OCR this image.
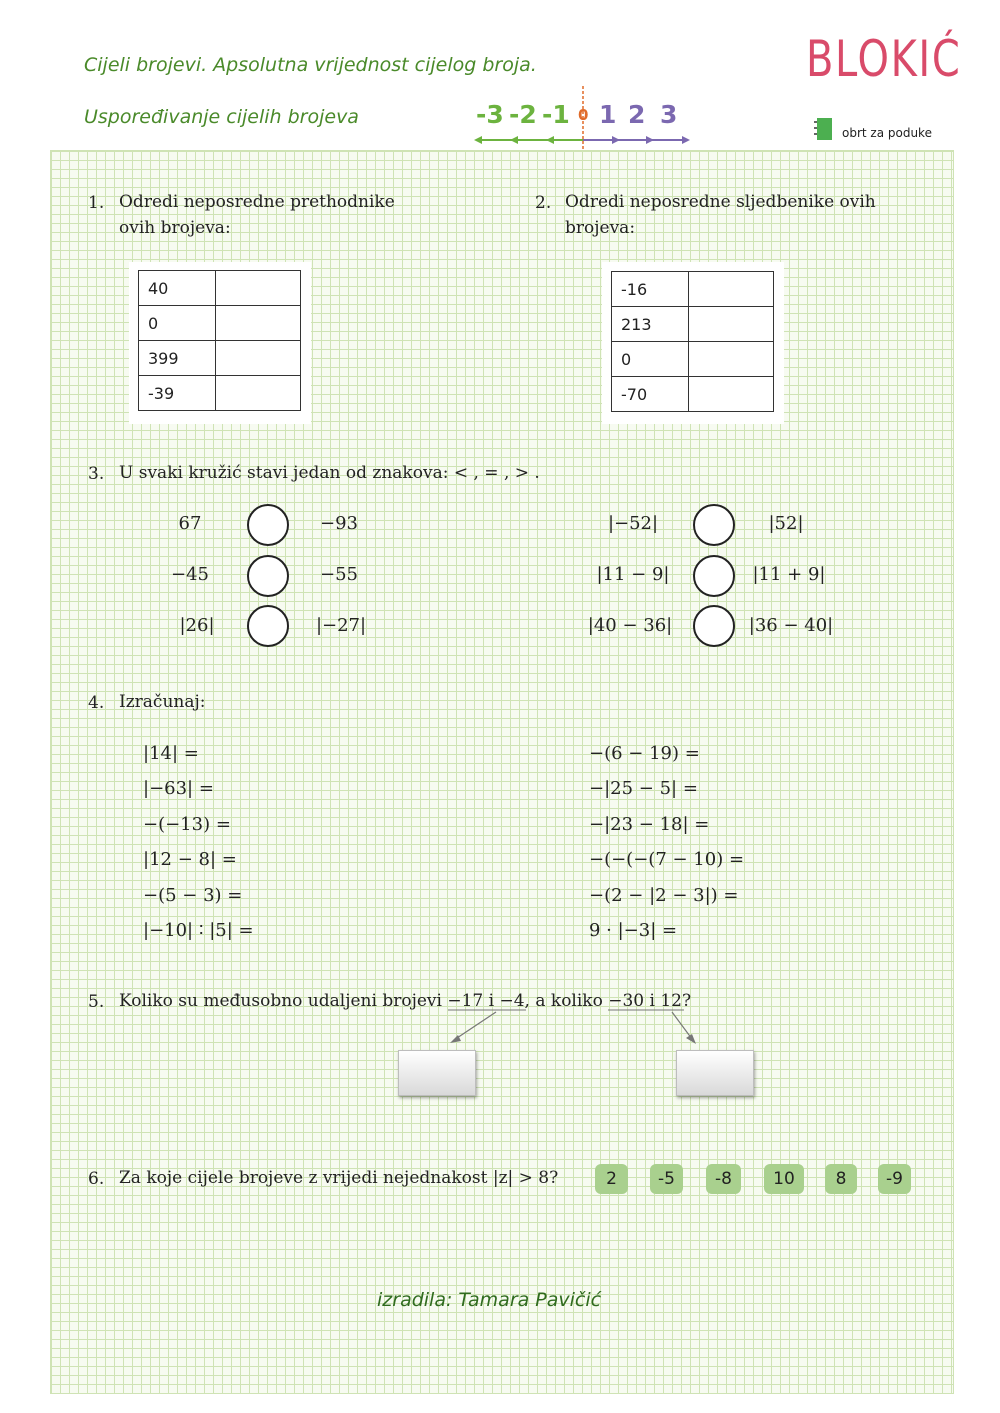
Cijeli brojevi. Apsolutna vrijednost cijelog broja.
Uspoređivanje cijelih brojeva	-3 -2 -1 0 1 2 3
BLOKIĆ
obrt za poduke
1. Odredi neposredne prethodnike
ovih brojeva:
40	
0	
399	
-39	
2. Odredi neposredne sljedbenike ovih
brojeva:
-16	
213	
0	
-70	
3. U svaki kružić stavi jedan od znakova: < , = , > .
67	−93
−45	−55
|26|	|−27|
|−52|	|52|
|11 − 9|	|11 + 9|
|40 − 36|	|36 − 40|
4. Izračunaj:
|14| =
|−63| =
−(−13) =
|12 − 8| =
−(5 − 3) =
|−10| ∶ |5| =
−(6 − 19) =
−|25 − 5| =
−|23 − 18| =
−(−(−(7 − 10) =
−(2 − |2 − 3|) =
9 · |−3| =
5. Koliko su međusobno udaljeni brojevi −17 i −4, a koliko −30 i 12?
6. Za koje cijele brojeve z vrijedi nejednakost |z| > 8?	2	-5	-8	10	8	-9
izradila: Tamara Pavičić
